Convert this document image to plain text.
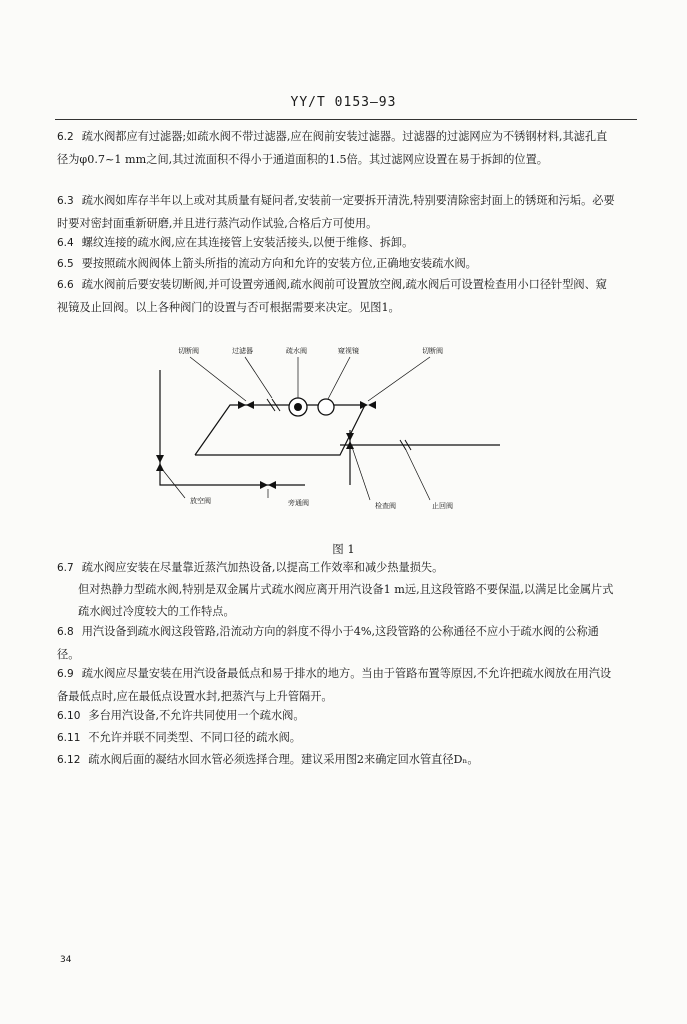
YY/T 0153—93
6.2 疏水阀都应有过滤器;如疏水阀不带过滤器,应在阀前安装过滤器。过滤器的过滤网应为不锈钢材料,其滤孔直径为φ0.7~1 mm之间,其过流面积不得小于通道面积的1.5倍。其过滤网应设置在易于拆卸的位置。
6.3 疏水阀如库存半年以上或对其质量有疑问者,安装前一定要拆开清洗,特别要清除密封面上的锈斑和污垢。必要时要对密封面重新研磨,并且进行蒸汽动作试验,合格后方可使用。
6.4 螺纹连接的疏水阀,应在其连接管上安装活接头,以便于维修、拆卸。
6.5 要按照疏水阀阀体上箭头所指的流动方向和允许的安装方位,正确地安装疏水阀。
6.6 疏水阀前后要安装切断阀,并可设置旁通阀,疏水阀前可设置放空阀,疏水阀后可设置检查用小口径针型阀、窥视镜及止回阀。以上各种阀门的设置与否可根据需要来决定。见图1。
切断阀	过滤器	疏水阀	窥视镜	切断阀
放空阀	旁通阀	检查阀	止回阀
图 1
6.7 疏水阀应安装在尽量靠近蒸汽加热设备,以提高工作效率和减少热量损失。
但对热静力型疏水阀,特别是双金属片式疏水阀应离开用汽设备1 m远,且这段管路不要保温,以满足比金属片式疏水阀过冷度较大的工作特点。
6.8 用汽设备到疏水阀这段管路,沿流动方向的斜度不得小于4%,这段管路的公称通径不应小于疏水阀的公称通径。
6.9 疏水阀应尽量安装在用汽设备最低点和易于排水的地方。当由于管路布置等原因,不允许把疏水阀放在用汽设备最低点时,应在最低点设置水封,把蒸汽与上升管隔开。
6.10 多台用汽设备,不允许共同使用一个疏水阀。
6.11 不允许并联不同类型、不同口径的疏水阀。
6.12 疏水阀后面的凝结水回水管必须选择合理。建议采用图2来确定回水管直径Dₙ。
34
